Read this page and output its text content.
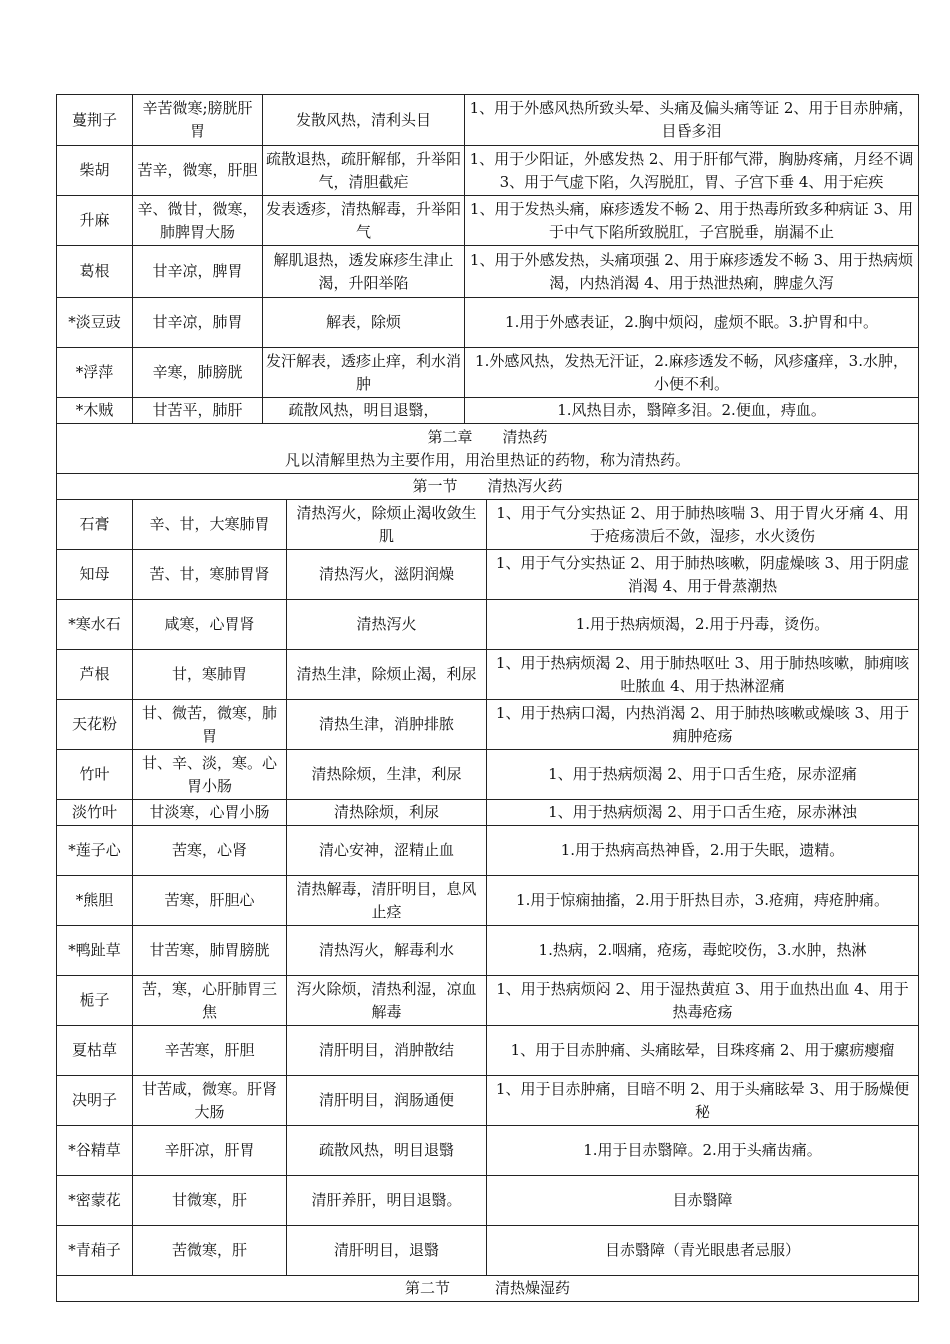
蔓荆子	辛苦微寒;膀胱肝胃	发散风热，清利头目	1、用于外感风热所致头晕、头痛及偏头痛等证 2、用于目赤肿痛，目昏多泪
柴胡	苦辛，微寒，肝胆	疏散退热，疏肝解郁，升举阳气，清胆截疟	1、用于少阳证，外感发热 2、用于肝郁气滞，胸胁疼痛，月经不调 3、用于气虚下陷，久泻脱肛，胃、子宫下垂 4、用于疟疾
升麻	辛、微甘，微寒，肺脾胃大肠	发表透疹，清热解毒，升举阳气	1、用于发热头痛，麻疹透发不畅 2、用于热毒所致多种病证 3、用于中气下陷所致脱肛，子宫脱垂，崩漏不止
葛根	甘辛凉，脾胃	解肌退热，透发麻疹生津止渴，升阳举陷	1、用于外感发热，头痛项强 2、用于麻疹透发不畅 3、用于热病烦渴，内热消渴 4、用于热泄热痢，脾虚久泻
*淡豆豉	甘辛凉，肺胃	解表，除烦	1.用于外感表证，2.胸中烦闷，虚烦不眠。3.护胃和中。
*浮萍	辛寒，肺膀胱	发汗解表，透疹止痒，利水消肿	1.外感风热，发热无汗证，2.麻疹透发不畅，风疹瘙痒，3.水肿，小便不利。
*木贼	甘苦平，肺肝	疏散风热，明目退翳，	1.风热目赤，翳障多泪。2.便血，痔血。

第二章　　清热药
凡以清解里热为主要作用，用治里热证的药物，称为清热药。			

第一节　　清热泻火药			
石膏	辛、甘，大寒肺胃	清热泻火，除烦止渴收敛生肌	1、用于气分实热证 2、用于肺热咳喘 3、用于胃火牙痛 4、用于疮疡溃后不敛，湿疹，水火烫伤
知母	苦、甘，寒肺胃肾	清热泻火，滋阴润燥	1、用于气分实热证 2、用于肺热咳嗽，阴虚燥咳 3、用于阴虚消渴 4、用于骨蒸潮热
*寒水石	咸寒，心胃肾	清热泻火	1.用于热病烦渴，2.用于丹毒，烫伤。
芦根	甘，寒肺胃	清热生津，除烦止渴，利尿	1、用于热病烦渴 2、用于肺热呕吐 3、用于肺热咳嗽，肺痈咳吐脓血 4、用于热淋涩痛
天花粉	甘、微苦，微寒，肺胃	清热生津，消肿排脓	1、用于热病口渴，内热消渴 2、用于肺热咳嗽或燥咳 3、用于痈肿疮疡
竹叶	甘、辛、淡，寒。心胃小肠	清热除烦，生津，利尿	1、用于热病烦渴 2、用于口舌生疮，尿赤涩痛
淡竹叶	甘淡寒，心胃小肠	清热除烦，利尿	1、用于热病烦渴 2、用于口舌生疮，尿赤淋浊
*莲子心	苦寒，心肾	清心安神，涩精止血	1.用于热病高热神昏，2.用于失眠，遗精。
*熊胆	苦寒，肝胆心	清热解毒，清肝明目，息风止痉	1.用于惊痫抽搐，2.用于肝热目赤，3.疮痈，痔疮肿痛。
*鸭趾草	甘苦寒，肺胃膀胱	清热泻火，解毒利水	1.热病，2.咽痛，疮疡，毒蛇咬伤，3.水肿，热淋
栀子	苦，寒，心肝肺胃三焦	泻火除烦，清热利湿，凉血解毒	1、用于热病烦闷 2、用于湿热黄疸 3、用于血热出血 4、用于热毒疮疡
夏枯草	辛苦寒，肝胆	清肝明目，消肿散结	1、用于目赤肿痛、头痛眩晕，目珠疼痛 2、用于瘰疬瘿瘤
决明子	甘苦咸，微寒。肝肾大肠	清肝明目，润肠通便	1、用于目赤肿痛，目暗不明 2、用于头痛眩晕 3、用于肠燥便秘
*谷精草	辛肝凉，肝胃	疏散风热，明目退翳	1.用于目赤翳障。2.用于头痛齿痛。
*密蒙花	甘微寒，肝	清肝养肝，明目退翳。	目赤翳障
*青葙子	苦微寒，肝	清肝明目，退翳	目赤翳障（青光眼患者忌服）
第二节　　　清热燥湿药			
